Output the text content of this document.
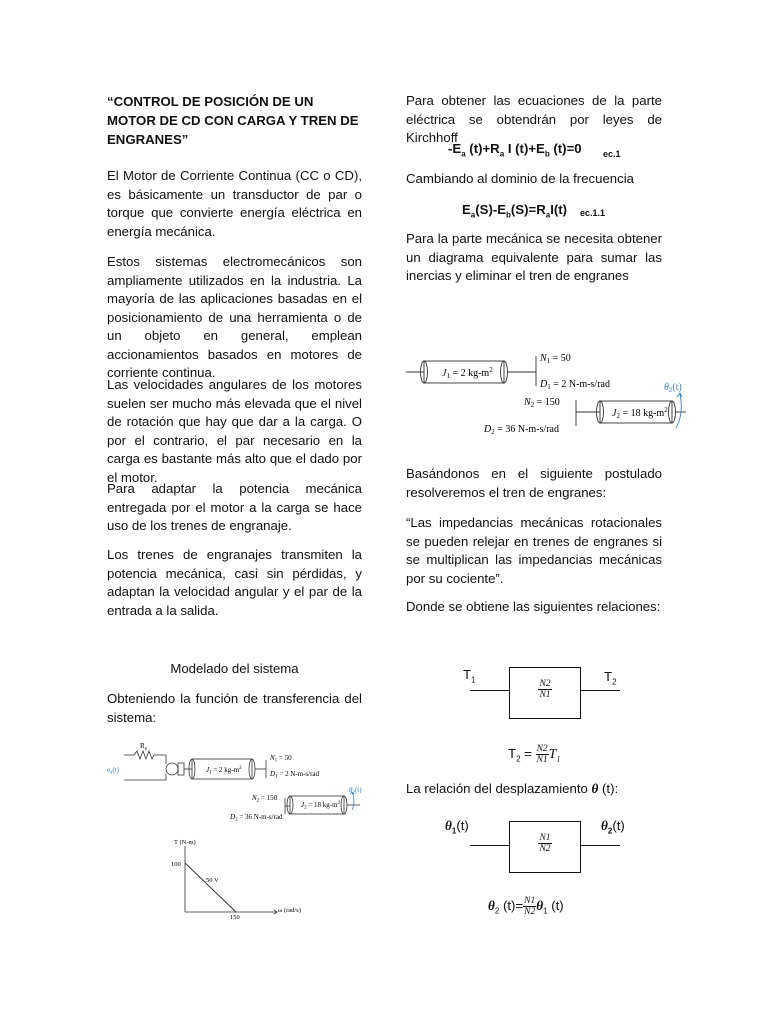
“CONTROL DE POSICIÓN DE UN MOTOR DE CD CON CARGA Y TREN DE ENGRANES”

El Motor de Corriente Continua (CC o CD), es básicamente un transductor de par o torque que convierte energía eléctrica en energía mecánica.

Estos sistemas electromecánicos son ampliamente utilizados en la industria. La mayoría de las aplicaciones basadas en el posicionamiento de una herramienta o de un objeto en general, emplean accionamientos basados en motores de corriente continua.

Las velocidades angulares de los motores suelen ser mucho más elevada que el nivel de rotación que hay que dar a la carga. O por el contrario, el par necesario en la carga es bastante más alto que el dado por el motor.

Para adaptar la potencia mecánica entregada por el motor a la carga se hace uso de los trenes de engranaje.

Los trenes de engranajes transmiten la potencia mecánica, casi sin pérdidas, y adaptan la velocidad angular y el par de la entrada a la salida.

Modelado del sistema

Obteniendo la función de transferencia del sistema:

$R_a$
$e_a(t)$	$J_1 = 2$ $kg-m^2$
$N_1 = 50$
$D_1 = 2$ N-m-s/rad
$N_2 = 150$
$J_2 = 18$ $kg-m^2$
$D_2 = 36$ N-m-s/rad
$\theta_2(t)$
T (N-m)
100
50 V
150
ω (rad/s)

Para obtener las ecuaciones de la parte eléctrica se obtendrán por leyes de Kirchhoff

$-E_a$ $(t)+R_a$ I $(t)+E_b$ (t)=0 ec.1

Cambiando al dominio de la frecuencia

$E_a(S)-E_b(S)=R_aI(t)$ ec.1.1

Para la parte mecánica se necesita obtener un diagrama equivalente para sumar las inercias y eliminar el tren de engranes

$J_1 = 2$ $kg-m^2$
$N_1 = 50$
$D_1 = 2$ N-m-s/rad
$N_2 = 150$
$J_2 = 18$ $kg-m^2$
$D_2 = 36$ N-m-s/rad
$\theta_2(t)$

Basándonos en el siguiente postulado resolveremos el tren de engranes:

“Las impedancias mecánicas rotacionales se pueden relejar en trenes de engranes si se multiplican las impedancias mecánicas por su cociente”.

Donde se obtiene las siguientes relaciones:

$T_1$	$T_2$
$\frac{N2}{N1}$
$T_2 = \frac{N2}{N1} T_1$
La relación del desplazamiento θ (t):
$\theta_1(t)$	$\theta_2(t)$
$\frac{N1}{N2}$
$\theta_2$ $(t)= \frac{N1}{N2} \theta_1$ (t)
